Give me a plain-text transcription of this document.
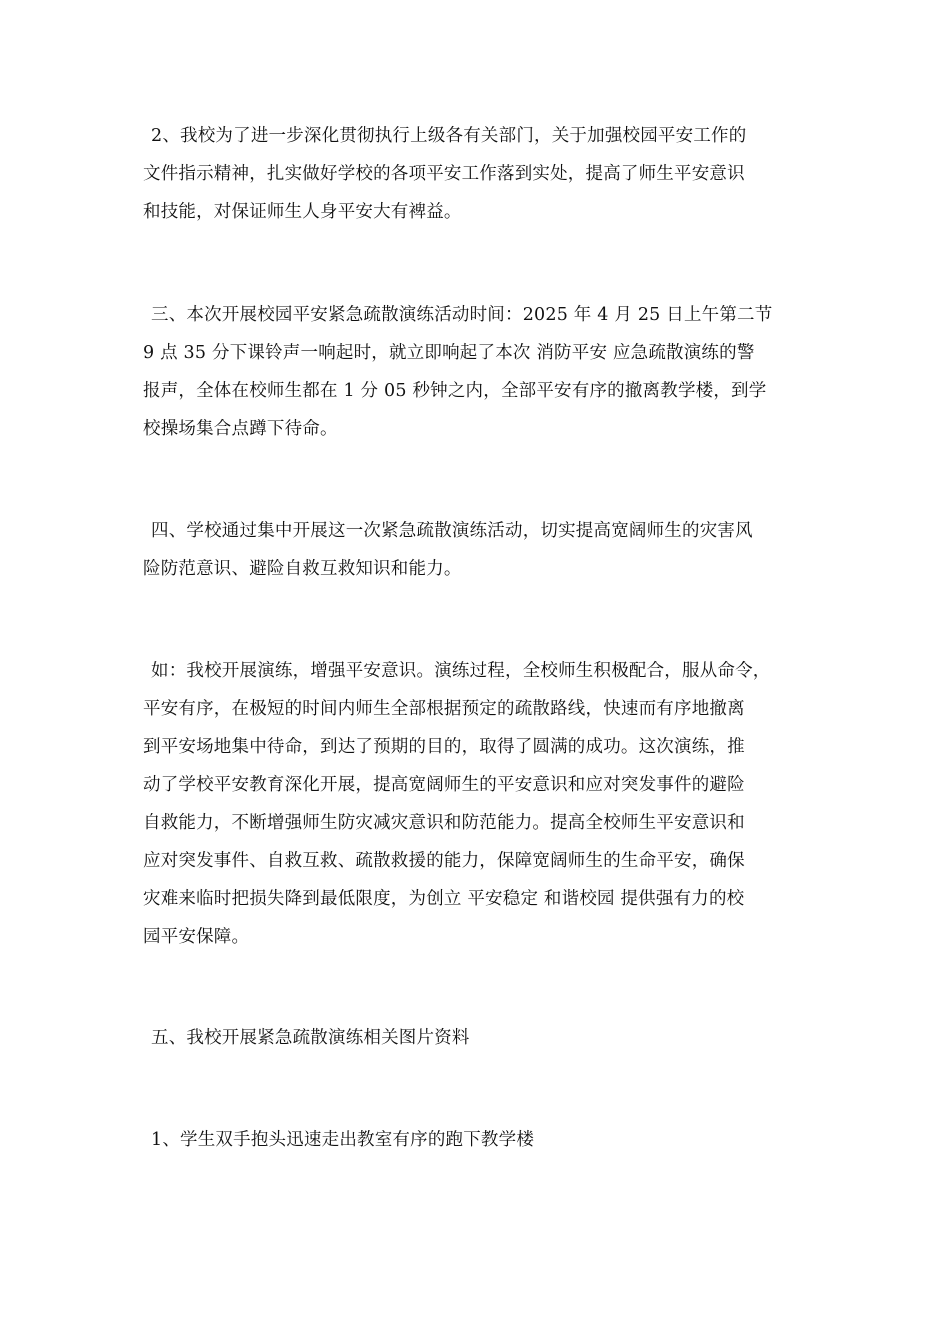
2、我校为了进一步深化贯彻执行上级各有关部门，关于加强校园平安工作的
文件指示精神，扎实做好学校的各项平安工作落到实处，提高了师生平安意识
和技能，对保证师生人身平安大有裨益。
三、本次开展校园平安紧急疏散演练活动时间：2025 年 4 月 25 日上午第二节
9 点 35 分下课铃声一响起时，就立即响起了本次 消防平安 应急疏散演练的警
报声，全体在校师生都在 1 分 05 秒钟之内，全部平安有序的撤离教学楼，到学
校操场集合点蹲下待命。
四、学校通过集中开展这一次紧急疏散演练活动，切实提高宽阔师生的灾害风
险防范意识、避险自救互救知识和能力。
如：我校开展演练，增强平安意识。演练过程，全校师生积极配合，服从命令，
平安有序，在极短的时间内师生全部根据预定的疏散路线，快速而有序地撤离
到平安场地集中待命，到达了预期的目的，取得了圆满的成功。这次演练，推
动了学校平安教育深化开展，提高宽阔师生的平安意识和应对突发事件的避险
自救能力，不断增强师生防灾减灾意识和防范能力。提高全校师生平安意识和
应对突发事件、自救互救、疏散救援的能力，保障宽阔师生的生命平安，确保
灾难来临时把损失降到最低限度，为创立 平安稳定 和谐校园 提供强有力的校
园平安保障。
五、我校开展紧急疏散演练相关图片资料
1、学生双手抱头迅速走出教室有序的跑下教学楼
